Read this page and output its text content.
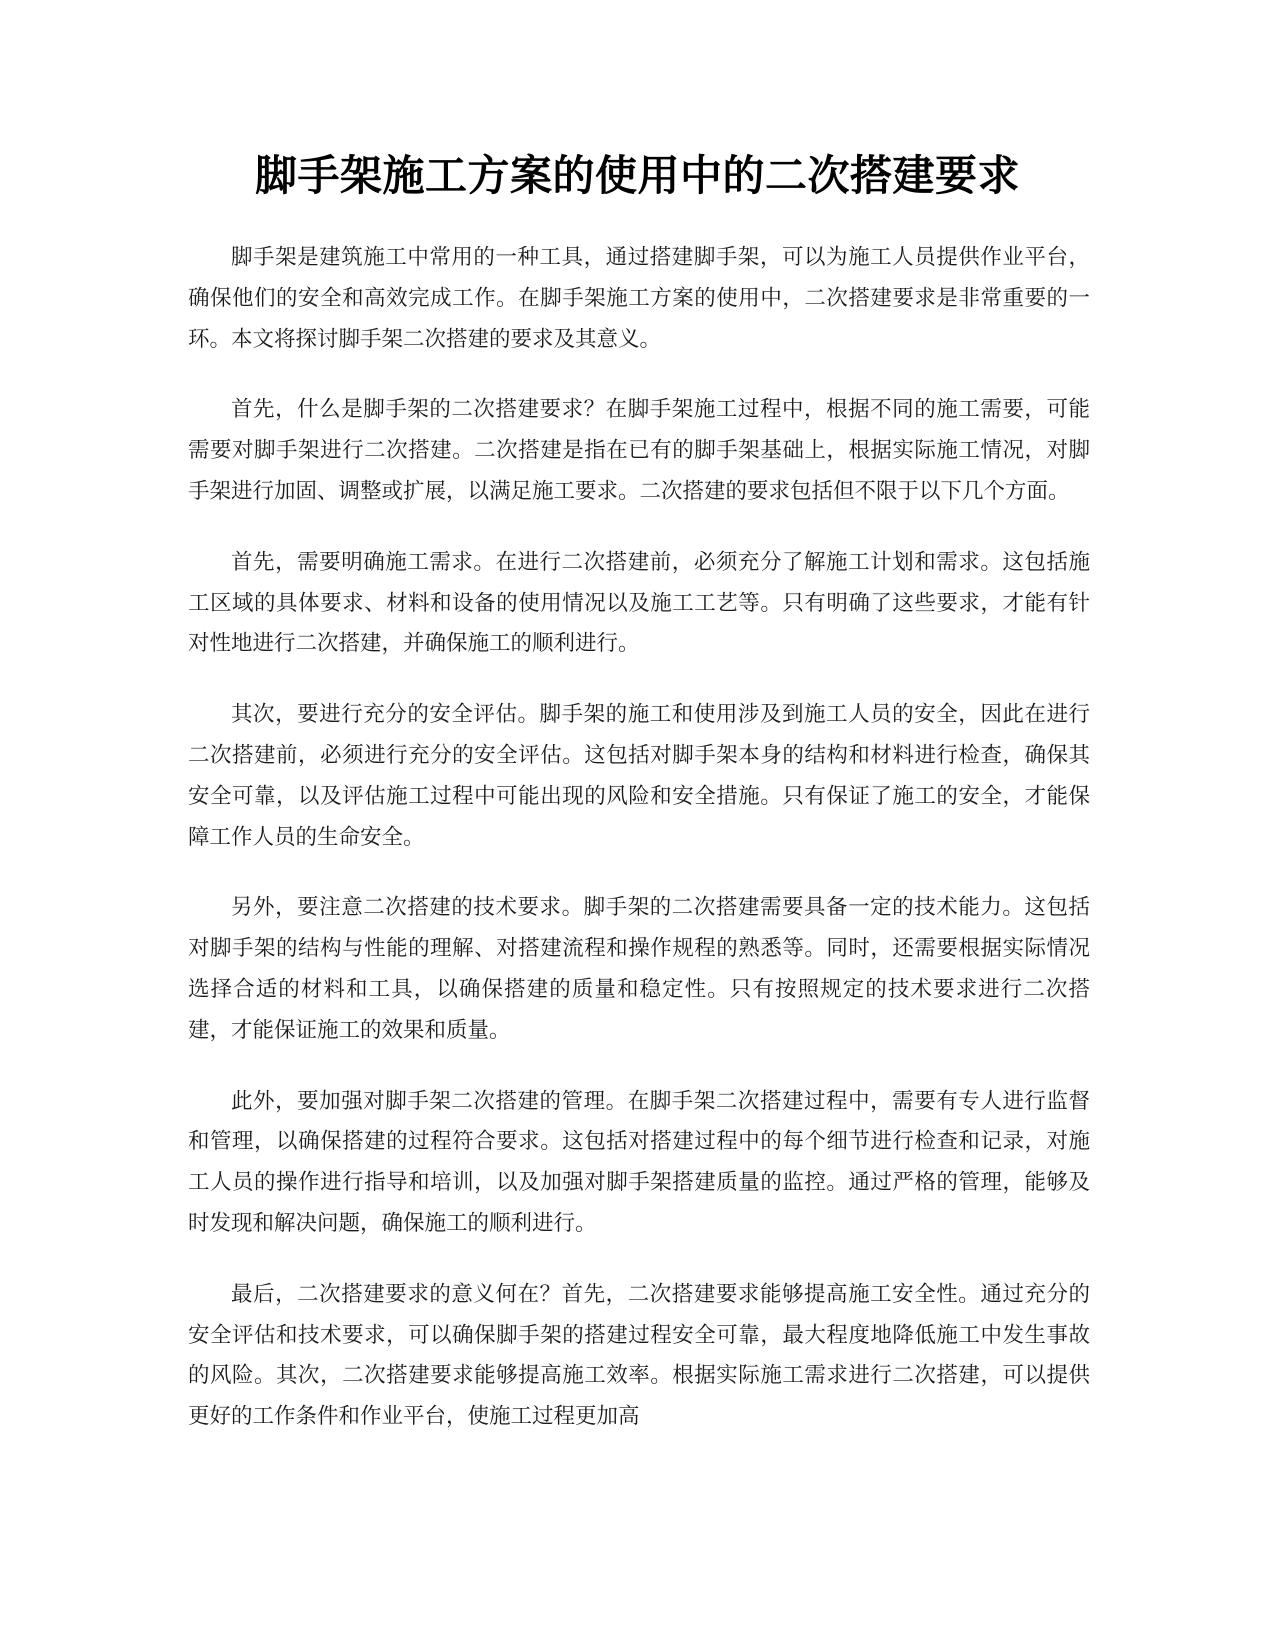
脚手架施工方案的使用中的二次搭建要求

脚手架是建筑施工中常用的一种工具，通过搭建脚手架，可以为施工人员提供作业平台，确保他们的安全和高效完成工作。在脚手架施工方案的使用中，二次搭建要求是非常重要的一环。本文将探讨脚手架二次搭建的要求及其意义。

首先，什么是脚手架的二次搭建要求？在脚手架施工过程中，根据不同的施工需要，可能需要对脚手架进行二次搭建。二次搭建是指在已有的脚手架基础上，根据实际施工情况，对脚手架进行加固、调整或扩展，以满足施工要求。二次搭建的要求包括但不限于以下几个方面。

首先，需要明确施工需求。在进行二次搭建前，必须充分了解施工计划和需求。这包括施工区域的具体要求、材料和设备的使用情况以及施工工艺等。只有明确了这些要求，才能有针对性地进行二次搭建，并确保施工的顺利进行。

其次，要进行充分的安全评估。脚手架的施工和使用涉及到施工人员的安全，因此在进行二次搭建前，必须进行充分的安全评估。这包括对脚手架本身的结构和材料进行检查，确保其安全可靠，以及评估施工过程中可能出现的风险和安全措施。只有保证了施工的安全，才能保障工作人员的生命安全。

另外，要注意二次搭建的技术要求。脚手架的二次搭建需要具备一定的技术能力。这包括对脚手架的结构与性能的理解、对搭建流程和操作规程的熟悉等。同时，还需要根据实际情况选择合适的材料和工具，以确保搭建的质量和稳定性。只有按照规定的技术要求进行二次搭建，才能保证施工的效果和质量。

此外，要加强对脚手架二次搭建的管理。在脚手架二次搭建过程中，需要有专人进行监督和管理，以确保搭建的过程符合要求。这包括对搭建过程中的每个细节进行检查和记录，对施工人员的操作进行指导和培训，以及加强对脚手架搭建质量的监控。通过严格的管理，能够及时发现和解决问题，确保施工的顺利进行。

最后，二次搭建要求的意义何在？首先，二次搭建要求能够提高施工安全性。通过充分的安全评估和技术要求，可以确保脚手架的搭建过程安全可靠，最大程度地降低施工中发生事故的风险。其次，二次搭建要求能够提高施工效率。根据实际施工需求进行二次搭建，可以提供更好的工作条件和作业平台，使施工过程更加高
